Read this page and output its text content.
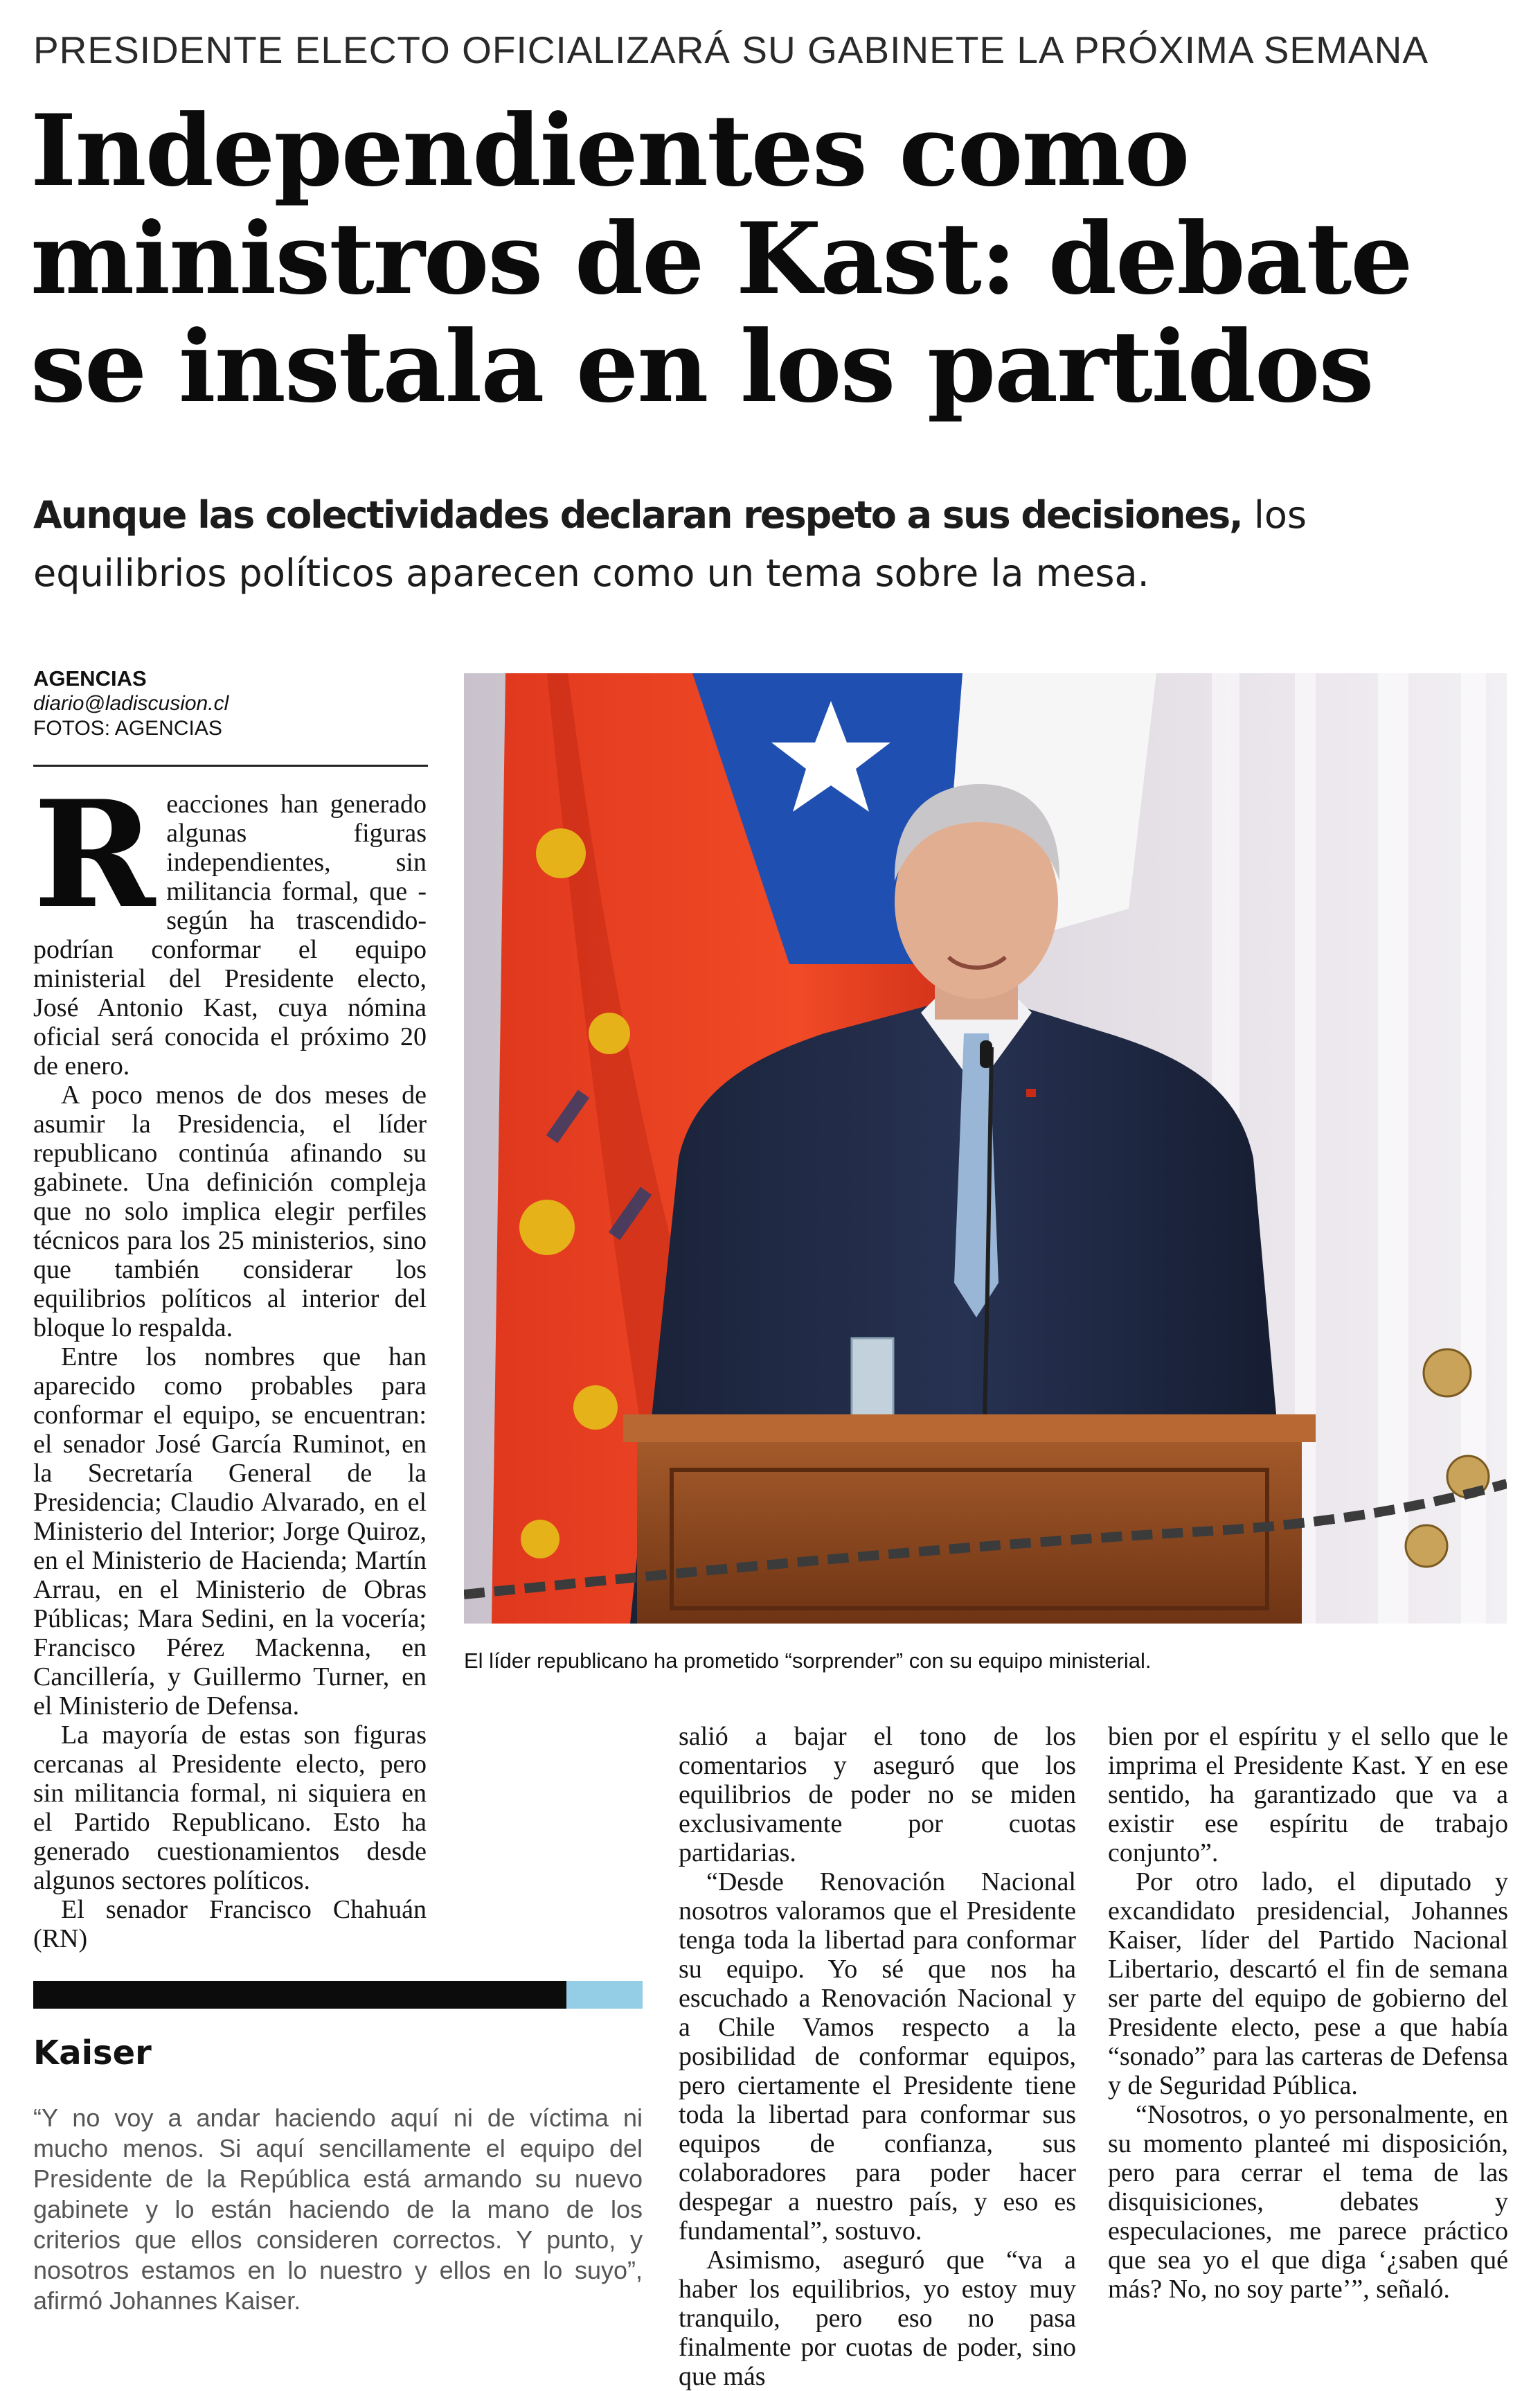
PRESIDENTE ELECTO OFICIALIZARÁ SU GABINETE LA PRÓXIMA SEMANA
Independientes como
ministros de Kast: debate
se instala en los partidos
Aunque las colectividades declaran respeto a sus decisiones, los equilibrios políticos aparecen como un tema sobre la mesa.
AGENCIAS
diario@ladiscusion.cl
FOTOS: AGENCIAS
El líder republicano ha prometido “sorprender” con su equipo ministerial.
R eacciones han generado algunas figuras independientes, sin militancia formal, que -según ha trascendido- podrían conformar el equipo ministerial del Presidente electo, José Antonio Kast, cuya nómina oficial será conocida el próximo 20 de enero.

A poco menos de dos meses de asumir la Presidencia, el líder republicano continúa afinando su gabinete. Una definición compleja que no solo implica elegir perfiles técnicos para los 25 ministerios, sino que también considerar los equilibrios políticos al interior del bloque lo respalda.

Entre los nombres que han aparecido como probables para conformar el equipo, se encuentran: el senador José García Ruminot, en la Secretaría General de la Presidencia; Claudio Alvarado, en el Ministerio del Interior; Jorge Quiroz, en el Ministerio de Hacienda; Martín Arrau, en el Ministerio de Obras Públicas; Mara Sedini, en la vocería; Francisco Pérez Mackenna, en Cancillería, y Guillermo Turner, en el Ministerio de Defensa.

La mayoría de estas son figuras cercanas al Presidente electo, pero sin militancia formal, ni siquiera en el Partido Republicano. Esto ha generado cuestionamientos desde algunos sectores políticos.

El senador Francisco Chahuán (RN)

salió a bajar el tono de los comentarios y aseguró que los equilibrios de poder no se miden exclusivamente por cuotas partidarias.

“Desde Renovación Nacional nosotros valoramos que el Presidente tenga toda la libertad para conformar su equipo. Yo sé que nos ha escuchado a Renovación Nacional y a Chile Vamos respecto a la posibilidad de conformar equipos, pero ciertamente el Presidente tiene toda la libertad para conformar sus equipos de confianza, sus colaboradores para poder hacer despegar a nuestro país, y eso es fundamental”, sostuvo.

Asimismo, aseguró que “va a haber los equilibrios, yo estoy muy tranquilo, pero eso no pasa finalmente por cuotas de poder, sino que más

bien por el espíritu y el sello que le imprima el Presidente Kast. Y en ese sentido, ha garantizado que va a existir ese espíritu de trabajo conjunto”.

Por otro lado, el diputado y excandidato presidencial, Johannes Kaiser, líder del Partido Nacional Libertario, descartó el fin de semana ser parte del equipo de gobierno del Presidente electo, pese a que había “sonado” para las carteras de Defensa y de Seguridad Pública.

“Nosotros, o yo personalmente, en su momento planteé mi disposición, pero para cerrar el tema de las disquisiciones, debates y especulaciones, me parece práctico que sea yo el que diga ‘¿saben qué más? No, no soy parte’”, señaló.

Kaiser
“Y no voy a andar haciendo aquí ni de víctima ni mucho menos. Si aquí sencillamente el equipo del Presidente de la República está armando su nuevo gabinete y lo están haciendo de la mano de los criterios que ellos consideren correctos. Y punto, y nosotros estamos en lo nuestro y ellos en lo suyo”, afirmó Johannes Kaiser.
